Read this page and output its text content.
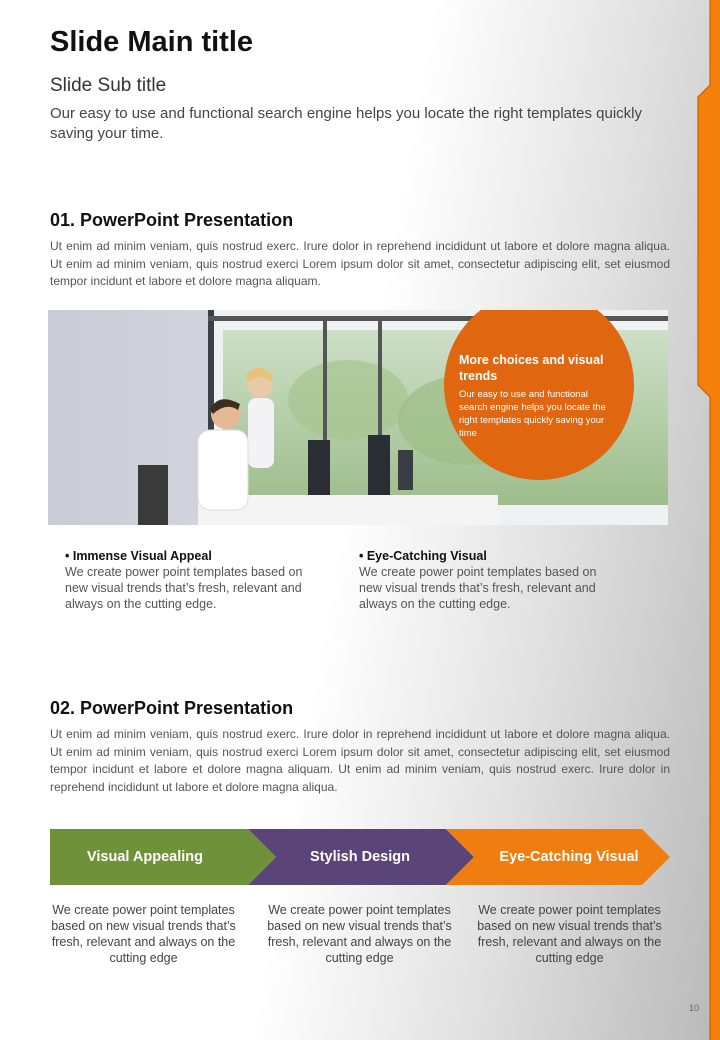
Slide Main title
Slide Sub title

Our easy to use and functional search engine helps you locate the right templates quickly saving your time.

01. PowerPoint Presentation

Ut enim ad minim veniam, quis nostrud exerc. Irure dolor in reprehend incididunt ut labore et dolore magna aliqua. Ut enim ad minim veniam, quis nostrud exerci Lorem ipsum dolor sit amet, consectetur adipiscing elit, set eiusmod tempor incidunt et labore et dolore magna aliquam.

More choices and visual trends

Our easy to use and functional search engine helps you locate the right templates quickly saving your time

• Immense Visual Appeal

We create power point templates based on new visual trends that’s fresh, relevant and always on the cutting edge.

• Eye-Catching Visual

We create power point templates based on new visual trends that’s fresh, relevant and always on the cutting edge.

02. PowerPoint Presentation

Ut enim ad minim veniam, quis nostrud exerc. Irure dolor in reprehend incididunt ut labore et dolore magna aliqua. Ut enim ad minim veniam, quis nostrud exerci Lorem ipsum dolor sit amet, consectetur adipiscing elit, set eiusmod tempor incidunt et labore et dolore magna aliquam. Ut enim ad minim veniam, quis nostrud exerc. Irure dolor in reprehend incididunt ut labore et dolore magna aliqua.

Visual Appealing	Stylish Design	Eye-Catching Visual

We create power point templates based on new visual trends that’s fresh, relevant and always on the cutting edge

We create power point templates based on new visual trends that’s fresh, relevant and always on the cutting edge

We create power point templates based on new visual trends that’s fresh, relevant and always on the cutting edge

10
